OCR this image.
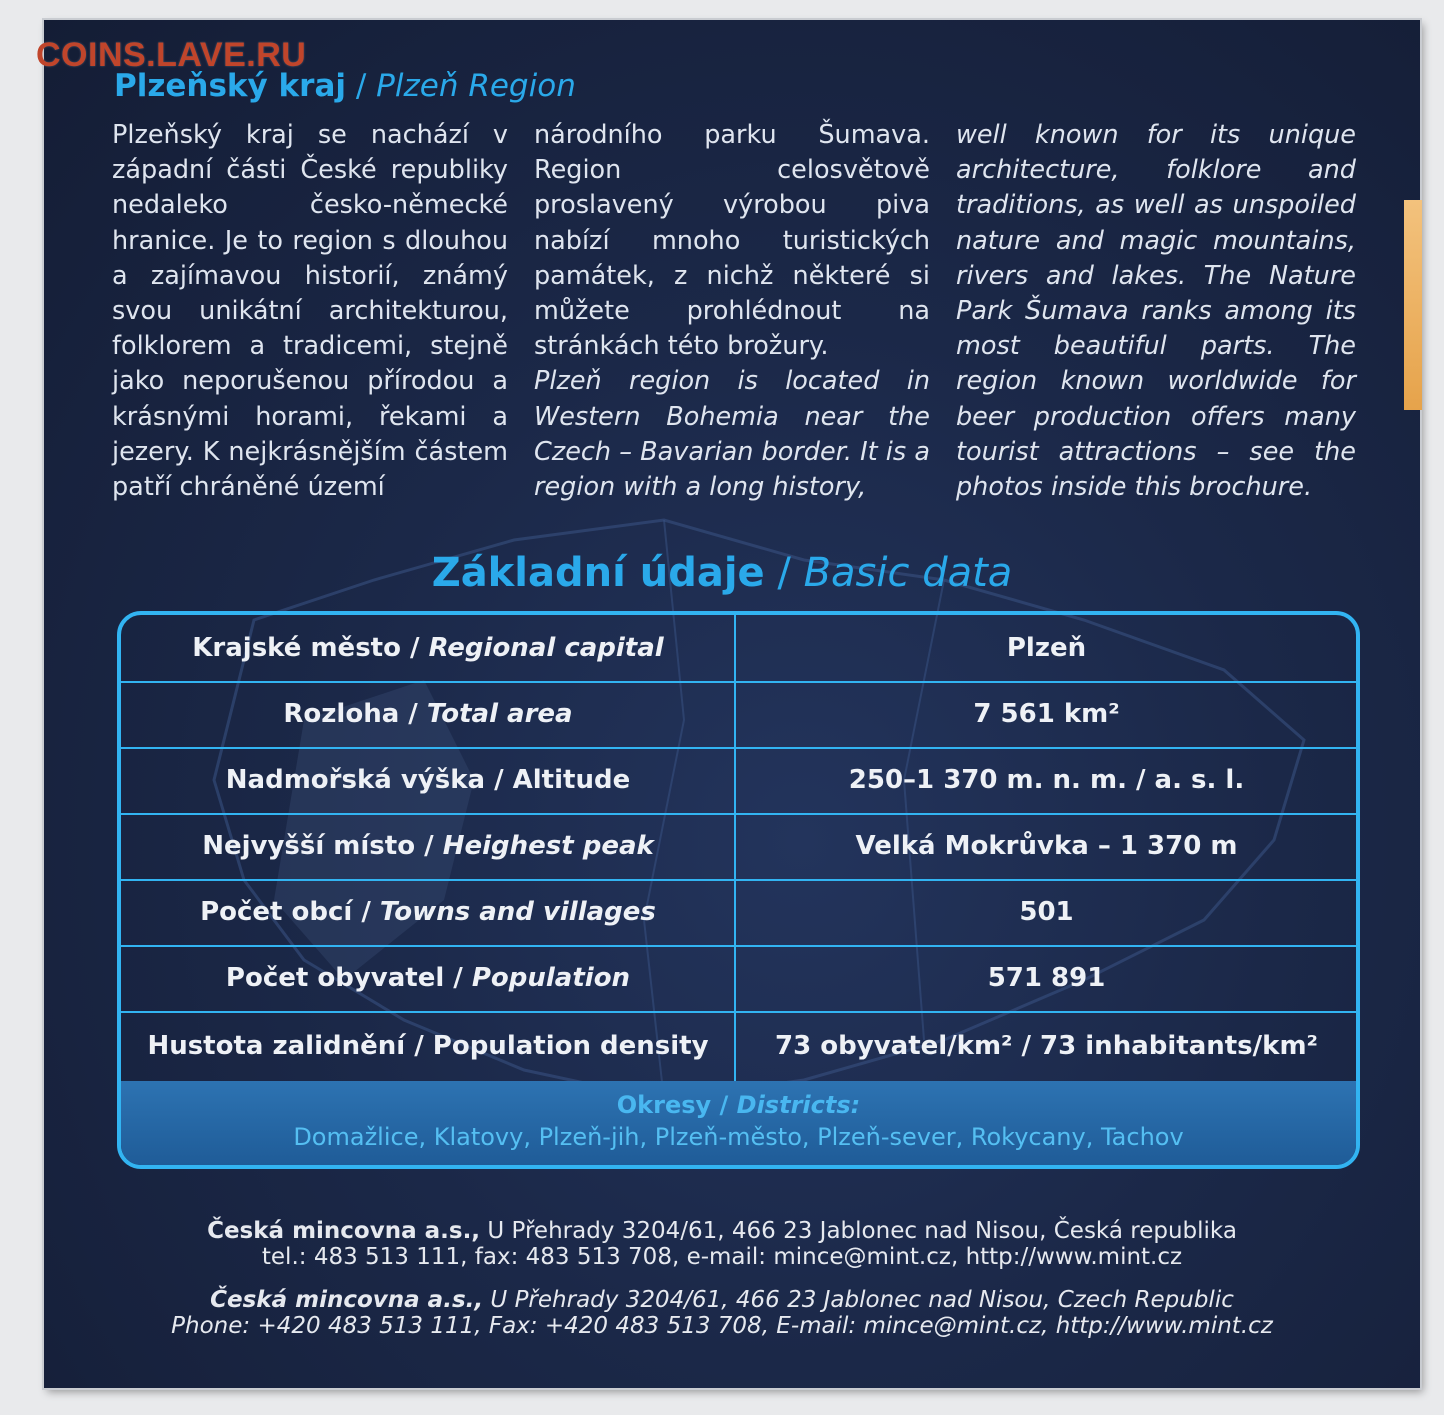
COINS.LAVE.RU
Plzeňský kraj / Plzeň Region

Plzeňský kraj se nachází v západní části České republiky nedaleko česko-německé hranice. Je to region s dlouhou a zajímavou historií, známý svou unikátní architekturou, folklorem a tradicemi, stejně jako neporušenou přírodou a krásnými horami, řekami a jezery. K nejkrásnějším částem patří chráněné území

národního parku Šumava. Region celosvětově proslavený výrobou piva nabízí mnoho turistických památek, z nichž některé si můžete prohlédnout na stránkách této brožury.

Plzeň region is located in Western Bohemia near the Czech – Bavarian border. It is a region with a long history,

well known for its unique architecture, folklore and traditions, as well as unspoiled nature and magic mountains, rivers and lakes. The Nature Park Šumava ranks among its most beautiful parts. The region known worldwide for beer production offers many tourist attractions – see the photos inside this brochure.

Základní údaje / Basic data
Krajské město / Regional capital	Plzeň
Rozloha / Total area	7 561 km²
Nadmořská výška / Altitude	250–1 370 m. n. m. / a. s. l.
Nejvyšší místo / Heighest peak	Velká Mokrůvka – 1 370 m
Počet obcí / Towns and villages	501
Počet obyvatel / Population	571 891
Hustota zalidnění / Population density	73 obyvatel/km² / 73 inhabitants/km²
Okresy / Districts:
Domažlice, Klatovy, Plzeň-jih, Plzeň-město, Plzeň-sever, Rokycany, Tachov
Česká mincovna a.s., U Přehrady 3204/61, 466 23 Jablonec nad Nisou, Česká republika
tel.: 483 513 111, fax: 483 513 708, e-mail: mince@mint.cz, http://www.mint.cz
Česká mincovna a.s., U Přehrady 3204/61, 466 23 Jablonec nad Nisou, Czech Republic
Phone: +420 483 513 111, Fax: +420 483 513 708, E-mail: mince@mint.cz, http://www.mint.cz
